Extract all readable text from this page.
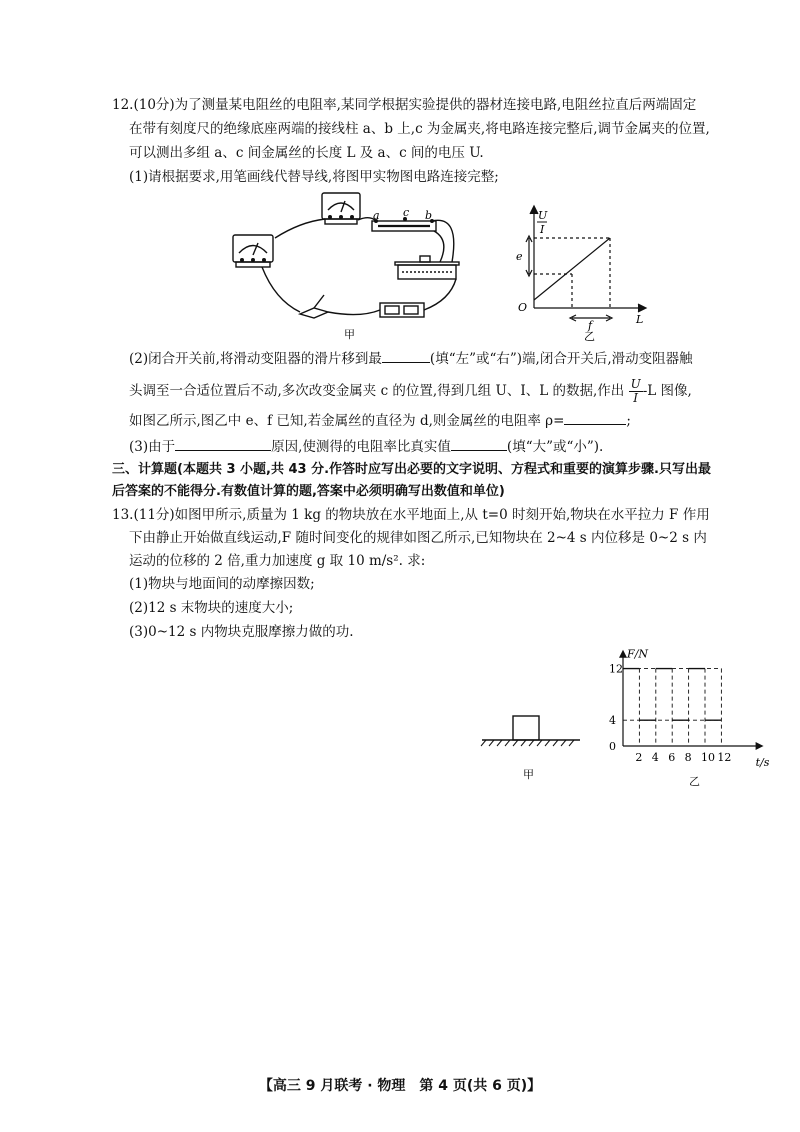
12.(10分)为了测量某电阻丝的电阻率,某同学根据实验提供的器材连接电路,电阻丝拉直后两端固定
在带有刻度尺的绝缘底座两端的接线柱 a、b 上,c 为金属夹,将电路连接完整后,调节金属夹的位置,
可以测出多组 a、c 间金属丝的长度 L 及 a、c 间的电压 U.
(1)请根据要求,用笔画线代替导线,将图甲实物图电路连接完整;
a c b
甲
U
I
e
O
f	L
乙
(2)闭合开关前,将滑动变阻器的滑片移到最	(填“左”或“右”)端,闭合开关后,滑动变阻器触
头调至一合适位置后不动,多次改变金属夹 c 的位置,得到几组 U、I、L 的数据,作出 $\frac{U}{I} -L$ 图像,
如图乙所示,图乙中 e、f 已知,若金属丝的直径为 d,则金属丝的电阻率 ρ=	;
(3)由于	原因,使测得的电阻率比真实值	(填“大”或“小”).
三、计算题(本题共 3 小题,共 43 分.作答时应写出必要的文字说明、方程式和重要的演算步骤.只写出最
后答案的不能得分.有数值计算的题,答案中必须明确写出数值和单位)
13.(11分)如图甲所示,质量为 1 kg 的物块放在水平地面上,从 t=0 时刻开始,物块在水平拉力 F 作用
下由静止开始做直线运动,F 随时间变化的规律如图乙所示,已知物块在 2~4 s 内位移是 0~2 s 内
运动的位移的 2 倍,重力加速度 g 取 10 m/s². 求:
(1)物块与地面间的动摩擦因数;
(2)12 s 末物块的速度大小;
(3)0~12 s 内物块克服摩擦力做的功.
甲
F/N
t/s
0
4
12
2 4 6 8 10 12
乙
【高三 9 月联考 · 物理　第 4 页(共 6 页)】
